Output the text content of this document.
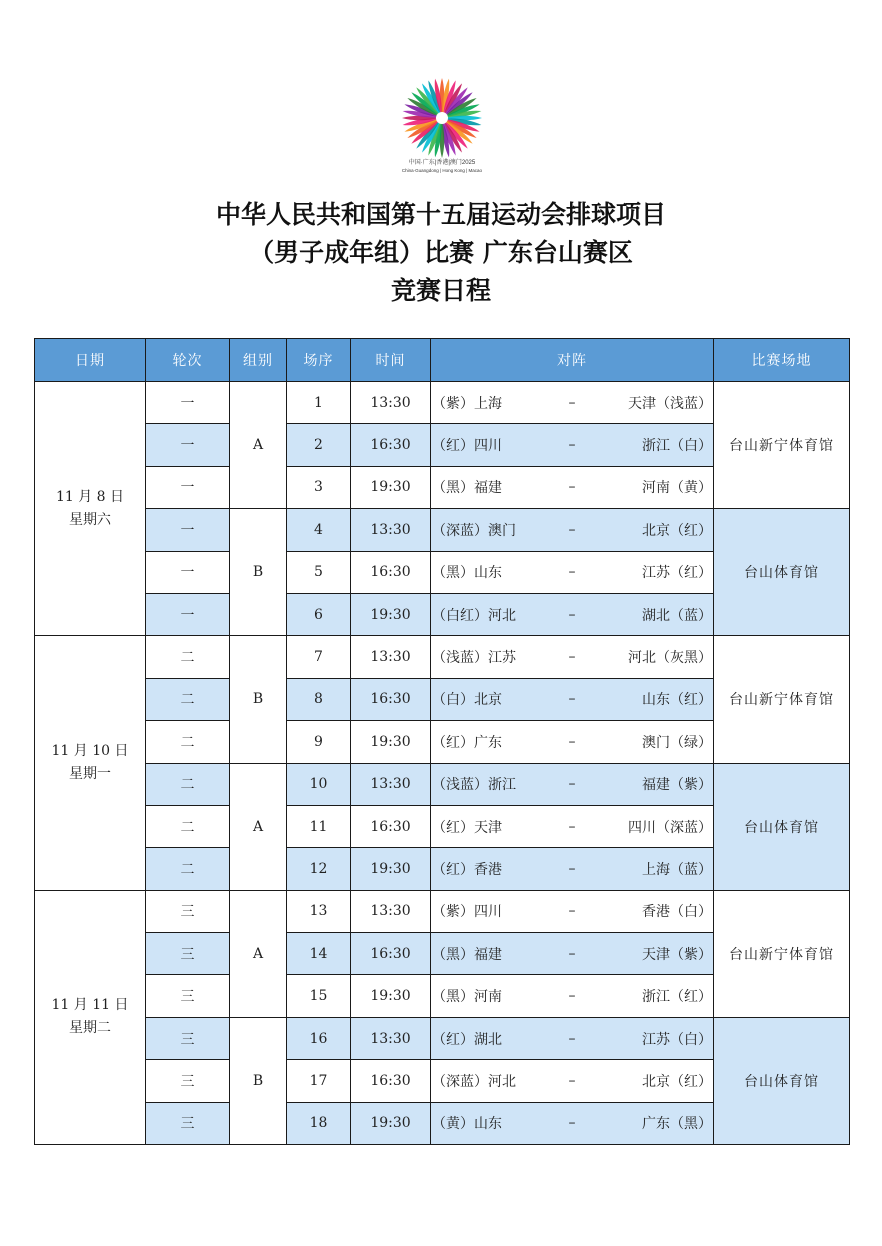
中国·广东|香港|澳门2025
China·Guangdong | Hong Kong | Macao
中华人民共和国第十五届运动会排球项目
（男子成年组）比赛 广东台山赛区
竞赛日程
日期	轮次	组别	场序	时间	对阵	比赛场地

11 月 8 日
星期六	一	A	1	13:30	（紫）上海 – 天津（浅蓝）	台山新宁体育馆
	一		2	16:30	（红）四川 – 浙江（白）	

	一		3	19:30	（黑）福建 – 河南（黄）	

	一	B	4	13:30	（深蓝）澳门 – 北京（红）	台山体育馆
	一		5	16:30	（黑）山东 – 江苏（红）	

	一		6	19:30	（白红）河北 – 湖北（蓝）	

11 月 10 日
星期一	二	B	7	13:30	（浅蓝）江苏 – 河北（灰黑）	台山新宁体育馆
	二		8	16:30	（白）北京 – 山东（红）	

	二		9	19:30	（红）广东 – 澳门（绿）	

	二	A	10	13:30	（浅蓝）浙江 – 福建（紫）	台山体育馆
	二		11	16:30	（红）天津 – 四川（深蓝）	

	二		12	19:30	（红）香港 – 上海（蓝）	

11 月 11 日
星期二	三	A	13	13:30	（紫）四川 – 香港（白）	台山新宁体育馆
	三		14	16:30	（黑）福建 – 天津（紫）	

	三		15	19:30	（黑）河南 – 浙江（红）	

	三	B	16	13:30	（红）湖北 – 江苏（白）	台山体育馆
	三		17	16:30	（深蓝）河北 – 北京（红）	

	三		18	19:30	（黄）山东 – 广东（黑）	
